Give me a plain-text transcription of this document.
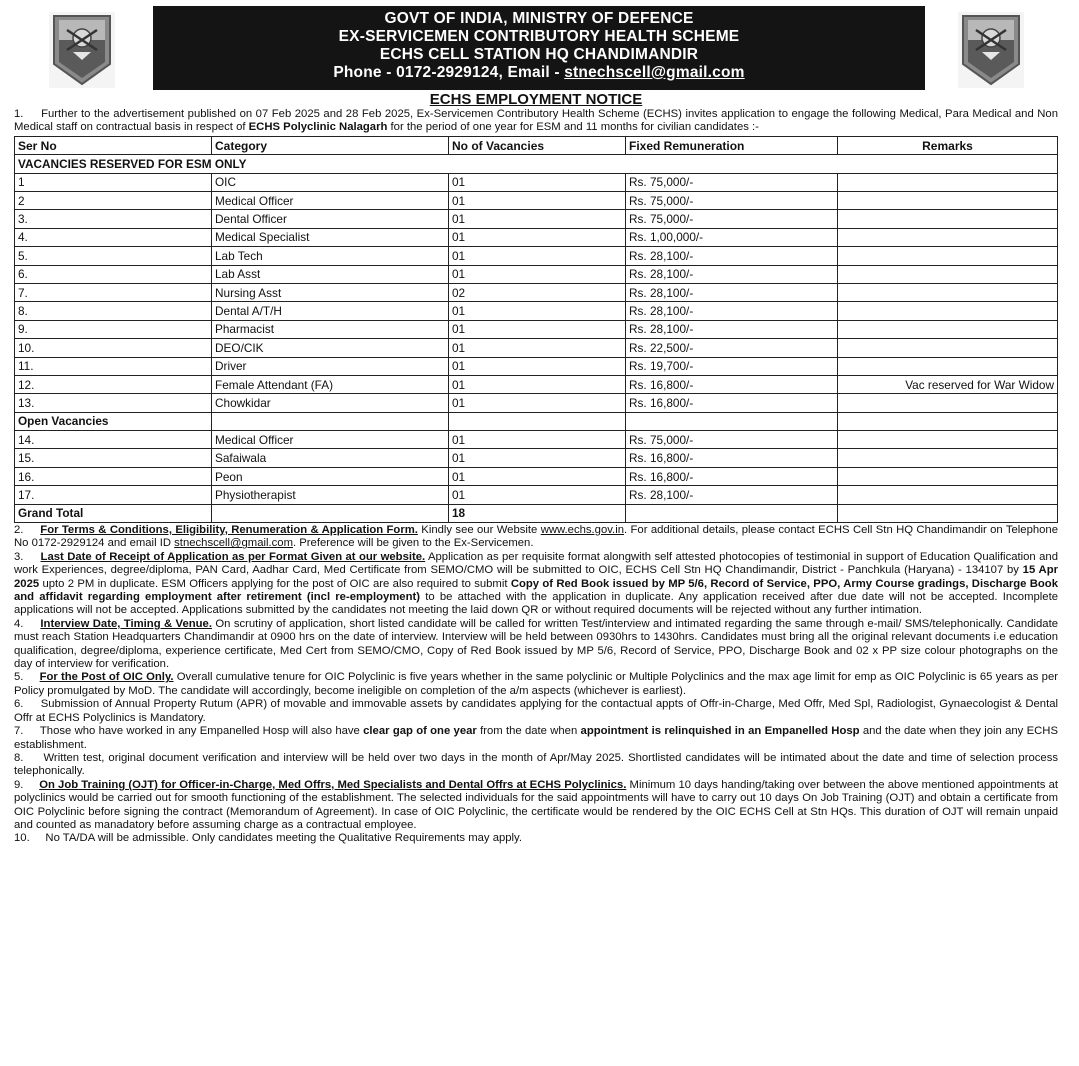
GOVT OF INDIA, MINISTRY OF DEFENCE
EX-SERVICEMEN CONTRIBUTORY HEALTH SCHEME
ECHS CELL STATION HQ CHANDIMANDIR
Phone - 0172-2929124, Email - stnechscell@gmail.com
ECHS EMPLOYMENT NOTICE

1. Further to the advertisement published on 07 Feb 2025 and 28 Feb 2025, Ex-Servicemen Contributory Health Scheme (ECHS) invites application to engage the following Medical, Para Medical and Non Medical staff on contractual basis in respect of ECHS Polyclinic Nalagarh for the period of one year for ESM and 11 months for civilian candidates :-

Ser No	Category	No of Vacancies	Fixed Remuneration	Remarks
VACANCIES RESERVED FOR ESM ONLY				
1	OIC	01	Rs. 75,000/-	
2	Medical Officer	01	Rs. 75,000/-	
3.	Dental Officer	01	Rs. 75,000/-	
4.	Medical Specialist	01	Rs. 1,00,000/-	
5.	Lab Tech	01	Rs. 28,100/-	
6.	Lab Asst	01	Rs. 28,100/-	
7.	Nursing Asst	02	Rs. 28,100/-	
8.	Dental A/T/H	01	Rs. 28,100/-	
9.	Pharmacist	01	Rs. 28,100/-	
10.	DEO/CIK	01	Rs. 22,500/-	
11.	Driver	01	Rs. 19,700/-	
12.	Female Attendant (FA)	01	Rs. 16,800/-	Vac reserved for War Widow
13.	Chowkidar	01	Rs. 16,800/-	
Open Vacancies				
14.	Medical Officer	01	Rs. 75,000/-	
15.	Safaiwala	01	Rs. 16,800/-	
16.	Peon	01	Rs. 16,800/-	
17.	Physiotherapist	01	Rs. 28,100/-	
Grand Total		18		

2. For Terms & Conditions, Eligibility, Renumeration & Application Form. Kindly see our Website www.echs.gov.in. For additional details, please contact ECHS Cell Stn HQ Chandimandir on Telephone No 0172-2929124 and email ID stnechscell@gmail.com. Preference will be given to the Ex-Servicemen.

3. Last Date of Receipt of Application as per Format Given at our website. Application as per requisite format alongwith self attested photocopies of testimonial in support of Education Qualification and work Experiences, degree/diploma, PAN Card, Aadhar Card, Med Certificate from SEMO/CMO will be submitted to OIC, ECHS Cell Stn HQ Chandimandir, District - Panchkula (Haryana) - 134107 by 15 Apr 2025 upto 2 PM in duplicate. ESM Officers applying for the post of OIC are also required to submit Copy of Red Book issued by MP 5/6, Record of Service, PPO, Army Course gradings, Discharge Book and affidavit regarding employment after retirement (incl re-employment) to be attached with the application in duplicate. Any application received after due date will not be accepted. Incomplete applications will not be accepted. Applications submitted by the candidates not meeting the laid down QR or without required documents will be rejected without any further intimation.

4. Interview Date, Timing & Venue. On scrutiny of application, short listed candidate will be called for written Test/interview and intimated regarding the same through e-mail/ SMS/telephonically. Candidate must reach Station Headquarters Chandimandir at 0900 hrs on the date of interview. Interview will be held between 0930hrs to 1430hrs. Candidates must bring all the original relevant documents i.e education qualification, degree/diploma, experience certificate, Med Cert from SEMO/CMO, Copy of Red Book issued by MP 5/6, Record of Service, PPO, Discharge Book and 02 x PP size colour photographs on the day of interview for verification.

5. For the Post of OIC Only. Overall cumulative tenure for OIC Polyclinic is five years whether in the same polyclinic or Multiple Polyclinics and the max age limit for emp as OIC Polyclinic is 65 years as per Policy promulgated by MoD. The candidate will accordingly, become ineligible on completion of the a/m aspects (whichever is earliest).

6. Submission of Annual Property Rutum (APR) of movable and immovable assets by candidates applying for the contactual appts of Offr-in-Charge, Med Offr, Med Spl, Radiologist, Gynaecologist & Dental Offr at ECHS Polyclinics is Mandatory.

7. Those who have worked in any Empanelled Hosp will also have clear gap of one year from the date when appointment is relinquished in an Empanelled Hosp and the date when they join any ECHS establishment.

8. Written test, original document verification and interview will be held over two days in the month of Apr/May 2025. Shortlisted candidates will be intimated about the date and time of selection process telephonically.

9. On Job Training (OJT) for Officer-in-Charge, Med Offrs, Med Specialists and Dental Offrs at ECHS Polyclinics. Minimum 10 days handing/taking over between the above mentioned appointments at polyclinics would be carried out for smooth functioning of the establishment. The selected individuals for the said appointments will have to carry out 10 days On Job Training (OJT) and obtain a certificate from OIC Polyclinic before signing the contract (Memorandum of Agreement). In case of OIC Polyclinic, the certificate would be rendered by the OIC ECHS Cell at Stn HQs. This duration of OJT will remain unpaid and counted as manadatory before assuming charge as a contractual employee.

10. No TA/DA will be admissible. Only candidates meeting the Qualitative Requirements may apply.
